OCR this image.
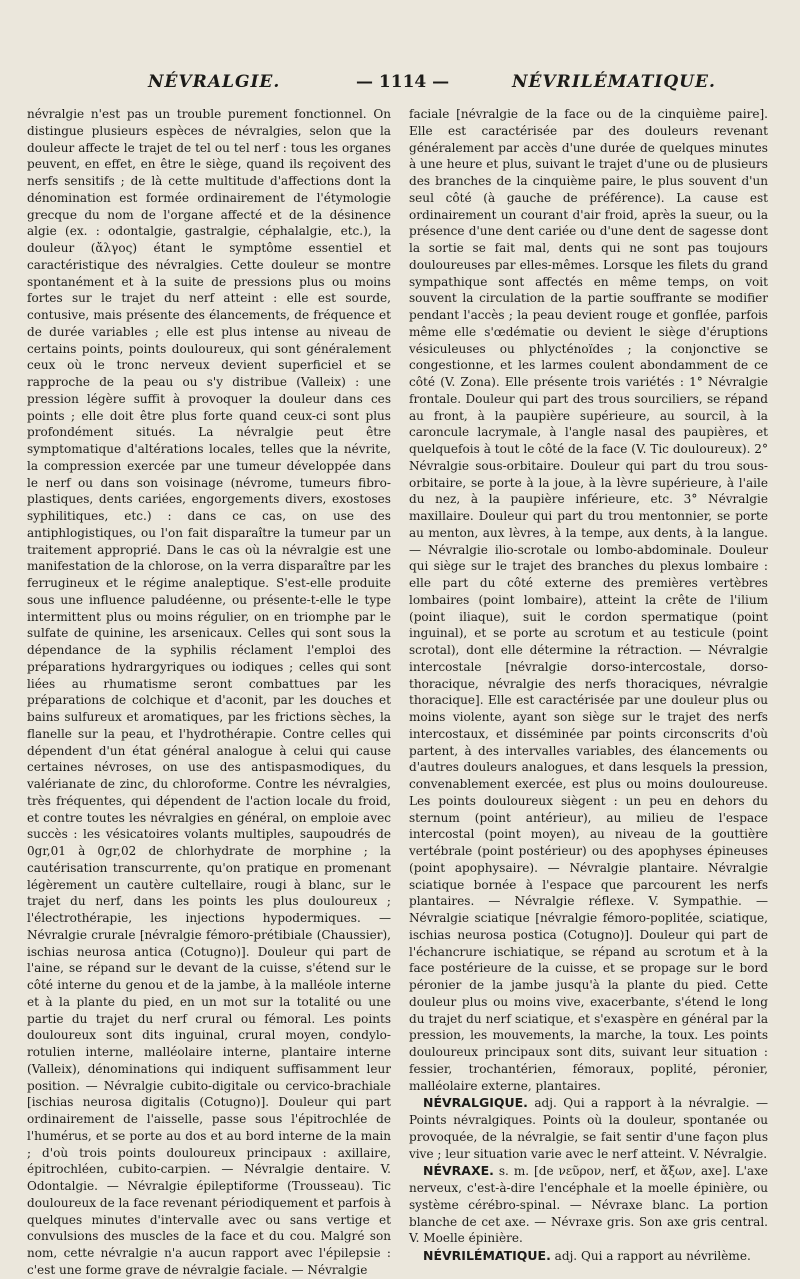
NÉVRALGIE.	— 1114 —	NÉVRILÉMATIQUE.

névralgie n'est pas un trouble purement fonctionnel. On distingue plusieurs espèces de névralgies, selon que la douleur affecte le trajet de tel ou tel nerf : tous les organes peuvent, en effet, en être le siège, quand ils reçoivent des nerfs sensitifs ; de là cette multitude d'affections dont la dénomination est formée ordinairement de l'étymologie grecque du nom de l'organe affecté et de la désinence algie (ex. : odontalgie, gastralgie, céphalalgie, etc.), la douleur (ἄλγος) étant le symptôme essentiel et caractéristique des névralgies. Cette douleur se montre spontanément et à la suite de pressions plus ou moins fortes sur le trajet du nerf atteint : elle est sourde, contusive, mais présente des élancements, de fréquence et de durée variables ; elle est plus intense au niveau de certains points, points douloureux, qui sont généralement ceux où le tronc nerveux devient superficiel et se rapproche de la peau ou s'y distribue (Valleix) : une pression légère suffit à provoquer la douleur dans ces points ; elle doit être plus forte quand ceux-ci sont plus profondément situés. La névralgie peut être symptomatique d'altérations locales, telles que la névrite, la compression exercée par une tumeur développée dans le nerf ou dans son voisinage (névrome, tumeurs fibro-plastiques, dents cariées, engorgements divers, exostoses syphilitiques, etc.) : dans ce cas, on use des antiphlogistiques, ou l'on fait disparaître la tumeur par un traitement approprié. Dans le cas où la névralgie est une manifestation de la chlorose, on la verra disparaître par les ferrugineux et le régime analeptique. S'est-elle produite sous une influence paludéenne, ou présente-t-elle le type intermittent plus ou moins régulier, on en triomphe par le sulfate de quinine, les arsenicaux. Celles qui sont sous la dépendance de la syphilis réclament l'emploi des préparations hydrargyriques ou iodiques ; celles qui sont liées au rhumatisme seront combattues par les préparations de colchique et d'aconit, par les douches et bains sulfureux et aromatiques, par les frictions sèches, la flanelle sur la peau, et l'hydrothérapie. Contre celles qui dépendent d'un état général analogue à celui qui cause certaines névroses, on use des antispasmodiques, du valérianate de zinc, du chloroforme. Contre les névralgies, très fréquentes, qui dépendent de l'action locale du froid, et contre toutes les névralgies en général, on emploie avec succès : les vésicatoires volants multiples, saupoudrés de 0gr,01 à 0gr,02 de chlorhydrate de morphine ; la cautérisation transcurrente, qu'on pratique en promenant légèrement un cautère cultellaire, rougi à blanc, sur le trajet du nerf, dans les points les plus douloureux ; l'électrothérapie, les injections hypodermiques. — Névralgie crurale [névralgie fémoro-prétibiale (Chaussier), ischias neurosa antica (Cotugno)]. Douleur qui part de l'aine, se répand sur le devant de la cuisse, s'étend sur le côté interne du genou et de la jambe, à la malléole interne et à la plante du pied, en un mot sur la totalité ou une partie du trajet du nerf crural ou fémoral. Les points douloureux sont dits inguinal, crural moyen, condylo-rotulien interne, malléolaire interne, plantaire interne (Valleix), dénominations qui indiquent suffisamment leur position. — Névralgie cubito-digitale ou cervico-brachiale [ischias neurosa digitalis (Cotugno)]. Douleur qui part ordinairement de l'aisselle, passe sous l'épitrochlée de l'humérus, et se porte au dos et au bord interne de la main ; d'où trois points douloureux principaux : axillaire, épitrochléen, cubito-carpien. — Névralgie dentaire. V. Odontalgie. — Névralgie épileptiforme (Trousseau). Tic douloureux de la face revenant périodiquement et parfois à quelques minutes d'intervalle avec ou sans vertige et convulsions des muscles de la face et du cou. Malgré son nom, cette névralgie n'a aucun rapport avec l'épilepsie : c'est une forme grave de névralgie faciale. — Névralgie

faciale [névralgie de la face ou de la cinquième paire]. Elle est caractérisée par des douleurs revenant généralement par accès d'une durée de quelques minutes à une heure et plus, suivant le trajet d'une ou de plusieurs des branches de la cinquième paire, le plus souvent d'un seul côté (à gauche de préférence). La cause est ordinairement un courant d'air froid, après la sueur, ou la présence d'une dent cariée ou d'une dent de sagesse dont la sortie se fait mal, dents qui ne sont pas toujours douloureuses par elles-mêmes. Lorsque les filets du grand sympathique sont affectés en même temps, on voit souvent la circulation de la partie souffrante se modifier pendant l'accès ; la peau devient rouge et gonflée, parfois même elle s'œdématie ou devient le siège d'éruptions vésiculeuses ou phlycténoïdes ; la conjonctive se congestionne, et les larmes coulent abondamment de ce côté (V. Zona). Elle présente trois variétés : 1° Névralgie frontale. Douleur qui part des trous sourciliers, se répand au front, à la paupière supérieure, au sourcil, à la caroncule lacrymale, à l'angle nasal des paupières, et quelquefois à tout le côté de la face (V. Tic douloureux). 2° Névralgie sous-orbitaire. Douleur qui part du trou sous-orbitaire, se porte à la joue, à la lèvre supérieure, à l'aile du nez, à la paupière inférieure, etc. 3° Névralgie maxillaire. Douleur qui part du trou mentonnier, se porte au menton, aux lèvres, à la tempe, aux dents, à la langue. — Névralgie ilio-scrotale ou lombo-abdominale. Douleur qui siège sur le trajet des branches du plexus lombaire : elle part du côté externe des premières vertèbres lombaires (point lombaire), atteint la crête de l'ilium (point iliaque), suit le cordon spermatique (point inguinal), et se porte au scrotum et au testicule (point scrotal), dont elle détermine la rétraction. — Névralgie intercostale [névralgie dorso-intercostale, dorso-thoracique, névralgie des nerfs thoraciques, névralgie thoracique]. Elle est caractérisée par une douleur plus ou moins violente, ayant son siège sur le trajet des nerfs intercostaux, et disséminée par points circonscrits d'où partent, à des intervalles variables, des élancements ou d'autres douleurs analogues, et dans lesquels la pression, convenablement exercée, est plus ou moins douloureuse. Les points douloureux siègent : un peu en dehors du sternum (point antérieur), au milieu de l'espace intercostal (point moyen), au niveau de la gouttière vertébrale (point postérieur) ou des apophyses épineuses (point apophysaire). — Névralgie plantaire. Névralgie sciatique bornée à l'espace que parcourent les nerfs plantaires. — Névralgie réflexe. V. Sympathie. — Névralgie sciatique [névralgie fémoro-poplitée, sciatique, ischias neurosa postica (Cotugno)]. Douleur qui part de l'échancrure ischiatique, se répand au scrotum et à la face postérieure de la cuisse, et se propage sur le bord péronier de la jambe jusqu'à la plante du pied. Cette douleur plus ou moins vive, exacerbante, s'étend le long du trajet du nerf sciatique, et s'exaspère en général par la pression, les mouvements, la marche, la toux. Les points douloureux principaux sont dits, suivant leur situation : fessier, trochantérien, fémoraux, poplité, péronier, malléolaire externe, plantaires.

NÉVRALGIQUE. adj. Qui a rapport à la névralgie. — Points névralgiques. Points où la douleur, spontanée ou provoquée, de la névralgie, se fait sentir d'une façon plus vive ; leur situation varie avec le nerf atteint. V. Névralgie.

NÉVRAXE. s. m. [de νεῦρον, nerf, et ἄξων, axe]. L'axe nerveux, c'est-à-dire l'encéphale et la moelle épinière, ou système cérébro-spinal. — Névraxe blanc. La portion blanche de cet axe. — Névraxe gris. Son axe gris central. V. Moelle épinière.

NÉVRILÉMATIQUE. adj. Qui a rapport au névrilème.
